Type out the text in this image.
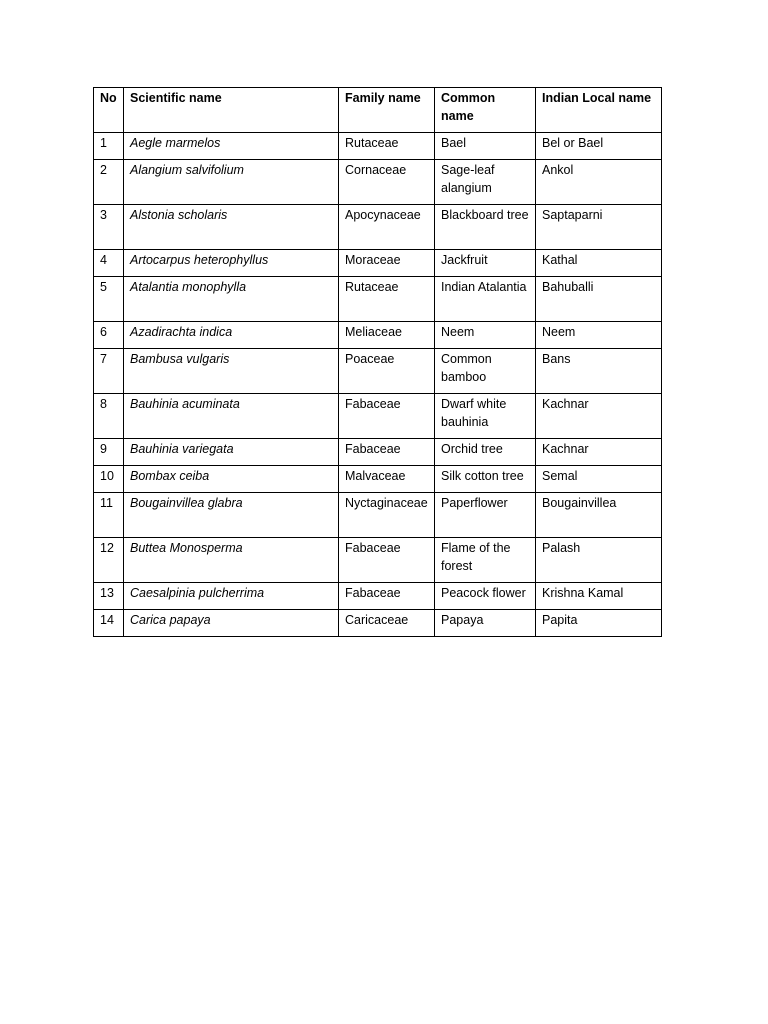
No	Scientific name	Family name	Common name	Indian Local name
1	Aegle marmelos	Rutaceae	Bael	Bel or Bael
2	Alangium salvifolium	Cornaceae	Sage-leaf alangium	Ankol
3	Alstonia scholaris	Apocynaceae	Blackboard tree	Saptaparni
4	Artocarpus heterophyllus	Moraceae	Jackfruit	Kathal
5	Atalantia monophylla	Rutaceae	Indian Atalantia	Bahuballi
6	Azadirachta indica	Meliaceae	Neem	Neem
7	Bambusa vulgaris	Poaceae	Common bamboo	Bans
8	Bauhinia acuminata	Fabaceae	Dwarf white bauhinia	Kachnar
9	Bauhinia variegata	Fabaceae	Orchid tree	Kachnar
10	Bombax ceiba	Malvaceae	Silk cotton tree	Semal
11	Bougainvillea glabra	Nyctaginaceae	Paperflower	Bougainvillea
12	Buttea Monosperma	Fabaceae	Flame of the forest	Palash
13	Caesalpinia pulcherrima	Fabaceae	Peacock flower	Krishna Kamal
14	Carica papaya	Caricaceae	Papaya	Papita
